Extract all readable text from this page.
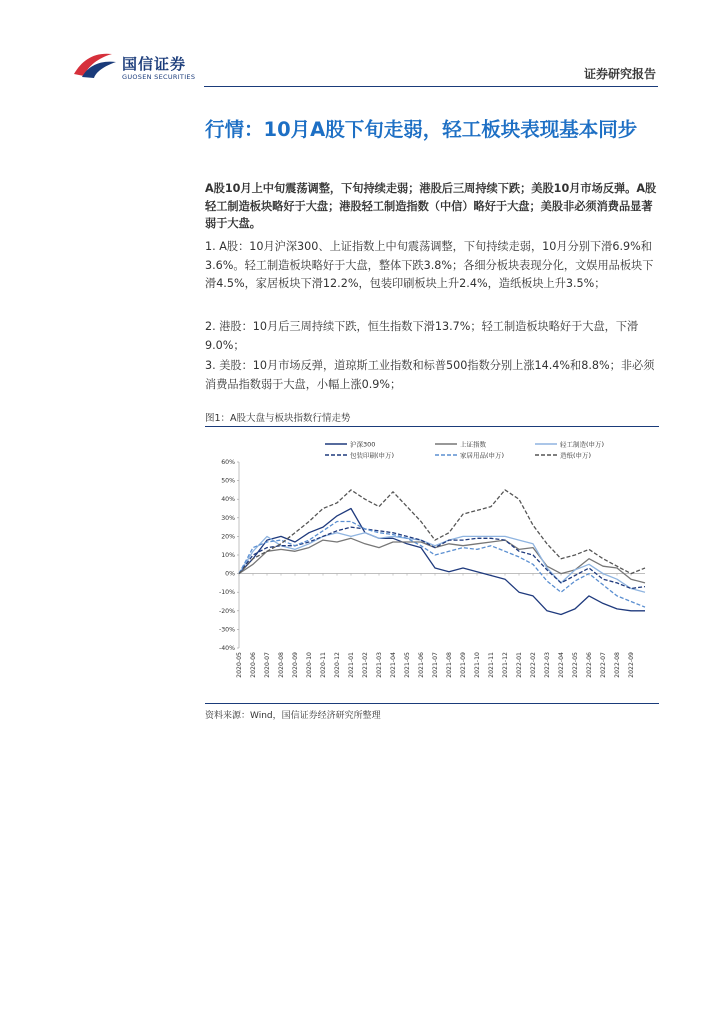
国信证券
GUOSEN SECURITIES	证券研究报告
行情：10月A股下旬走弱，轻工板块表现基本同步

A股10月上中旬震荡调整，下旬持续走弱；港股后三周持续下跌；美股10月市场反弹。A股轻工制造板块略好于大盘；港股轻工制造指数（中信）略好于大盘；美股非必须消费品显著弱于大盘。

1. A股：10月沪深300、上证指数上中旬震荡调整，下旬持续走弱，10月分别下滑6.9%和3.6%。轻工制造板块略好于大盘，整体下跌3.8%；各细分板块表现分化，文娱用品板块下滑4.5%，家居板块下滑12.2%，包装印刷板块上升2.4%，造纸板块上升3.5%；

2. 港股：10月后三周持续下跌，恒生指数下滑13.7%；轻工制造板块略好于大盘，下滑9.0%；

3. 美股：10月市场反弹，道琼斯工业指数和标普500指数分别上涨14.4%和8.8%；非必须消费品指数弱于大盘，小幅上涨0.9%；

图1：A股大盘与板块指数行情走势
沪深300	上证指数	轻工制造(申万)
包装印刷(申万)	家居用品(申万)	造纸(申万)
60%
50%
40%
30%
20%
10%
0%
-10%
-20%
-30%
-40%
2020-05 2020-06 2020-07 2020-08 2020-09 2020-10 2020-11 2020-12 2021-01 2021-02 2021-03 2021-04 2021-05 2021-06 2021-07 2021-08 2021-09 2021-10 2021-11 2021-12 2022-01 2022-02 2022-03 2022-04 2022-05 2022-06 2022-07 2022-08 2022-09
资料来源：Wind，国信证券经济研究所整理
